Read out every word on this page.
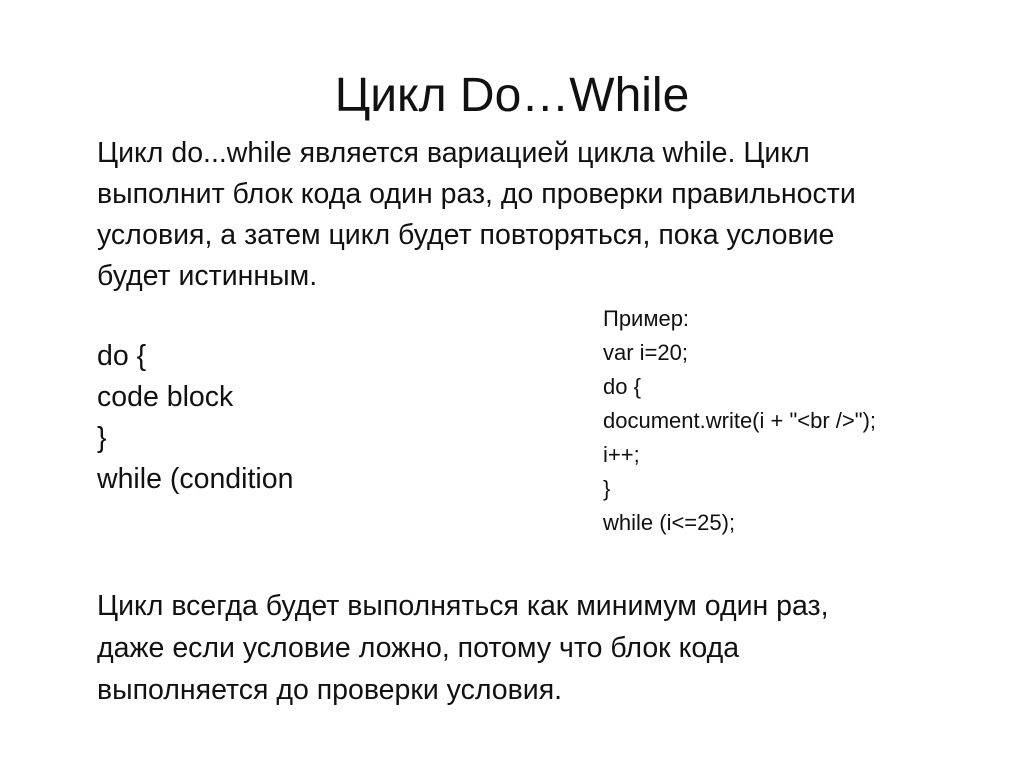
Цикл Do…While
Цикл do...while является вариацией цикла while. Цикл
выполнит блок кода один раз, до проверки правильности
условия, а затем цикл будет повторяться, пока условие
будет истинным.
do {
code block
}
while (condition
Пример:
var i=20;
do {
document.write(i + "<br />");
i++;
}
while (i<=25);
Цикл всегда будет выполняться как минимум один раз,
даже если условие ложно, потому что блок кода
выполняется до проверки условия.
